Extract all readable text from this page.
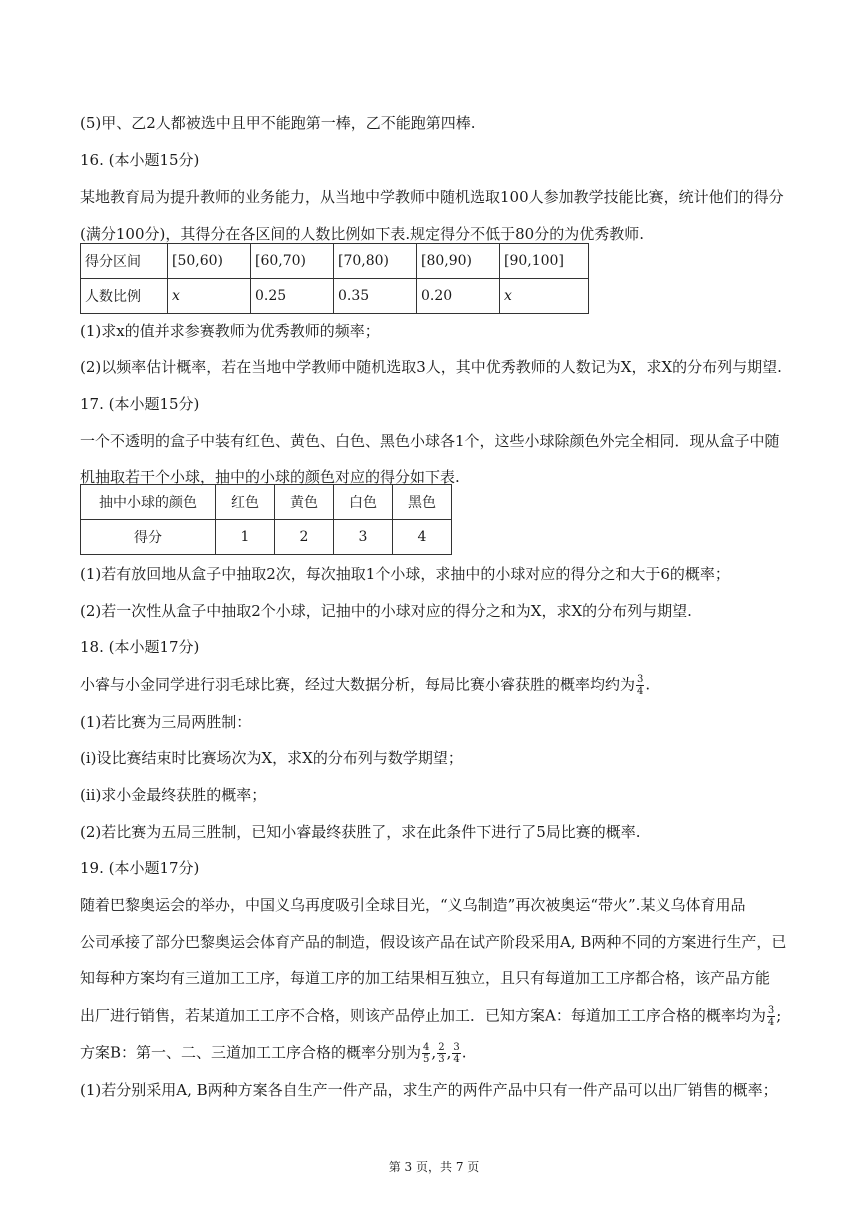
(5)甲、乙2人都被选中且甲不能跑第一棒，乙不能跑第四棒.
16. (本小题15分)
某地教育局为提升教师的业务能力，从当地中学教师中随机选取100人参加教学技能比赛，统计他们的得分
(满分100分)，其得分在各区间的人数比例如下表.规定得分不低于80分的为优秀教师.
得分区间	[50,60)	[60,70)	[70,80)	[80,90)	[90,100]
人数比例	x	0.25	0.35	0.20	x
(1)求x的值并求参赛教师为优秀教师的频率；
(2)以频率估计概率，若在当地中学教师中随机选取3人，其中优秀教师的人数记为X，求X的分布列与期望.
17. (本小题15分)
一个不透明的盒子中装有红色、黄色、白色、黑色小球各1个，这些小球除颜色外完全相同．现从盒子中随
机抽取若干个小球，抽中的小球的颜色对应的得分如下表.
抽中小球的颜色	红色	黄色	白色	黑色
得分	1	2	3	4
(1)若有放回地从盒子中抽取2次，每次抽取1个小球，求抽中的小球对应的得分之和大于6的概率；
(2)若一次性从盒子中抽取2个小球，记抽中的小球对应的得分之和为X，求X的分布列与期望.
18. (本小题17分)
小睿与小金同学进行羽毛球比赛，经过大数据分析，每局比赛小睿获胜的概率均约为 $\frac{3}{4}$ .
(1)若比赛为三局两胜制：
(i)设比赛结束时比赛场次为X，求X的分布列与数学期望；
(ii)求小金最终获胜的概率；
(2)若比赛为五局三胜制，已知小睿最终获胜了，求在此条件下进行了5局比赛的概率.
19. (本小题17分)
随着巴黎奥运会的举办，中国义乌再度吸引全球目光，“义乌制造”再次被奥运“带火”.某义乌体育用品
公司承接了部分巴黎奥运会体育产品的制造，假设该产品在试产阶段采用A, B两种不同的方案进行生产，已
知每种方案均有三道加工工序，每道工序的加工结果相互独立，且只有每道加工工序都合格，该产品方能
出厂进行销售，若某道加工工序不合格，则该产品停止加工．已知方案A：每道加工工序合格的概率均为 $\frac{3}{4}$ ;
方案B：第一、二、三道加工工序合格的概率分别为 $\frac{4}{5}$ , $\frac{2}{3}$ , $\frac{3}{4}$ .
(1)若分别采用A, B两种方案各自生产一件产品，求生产的两件产品中只有一件产品可以出厂销售的概率；
第 3 页，共 7 页
